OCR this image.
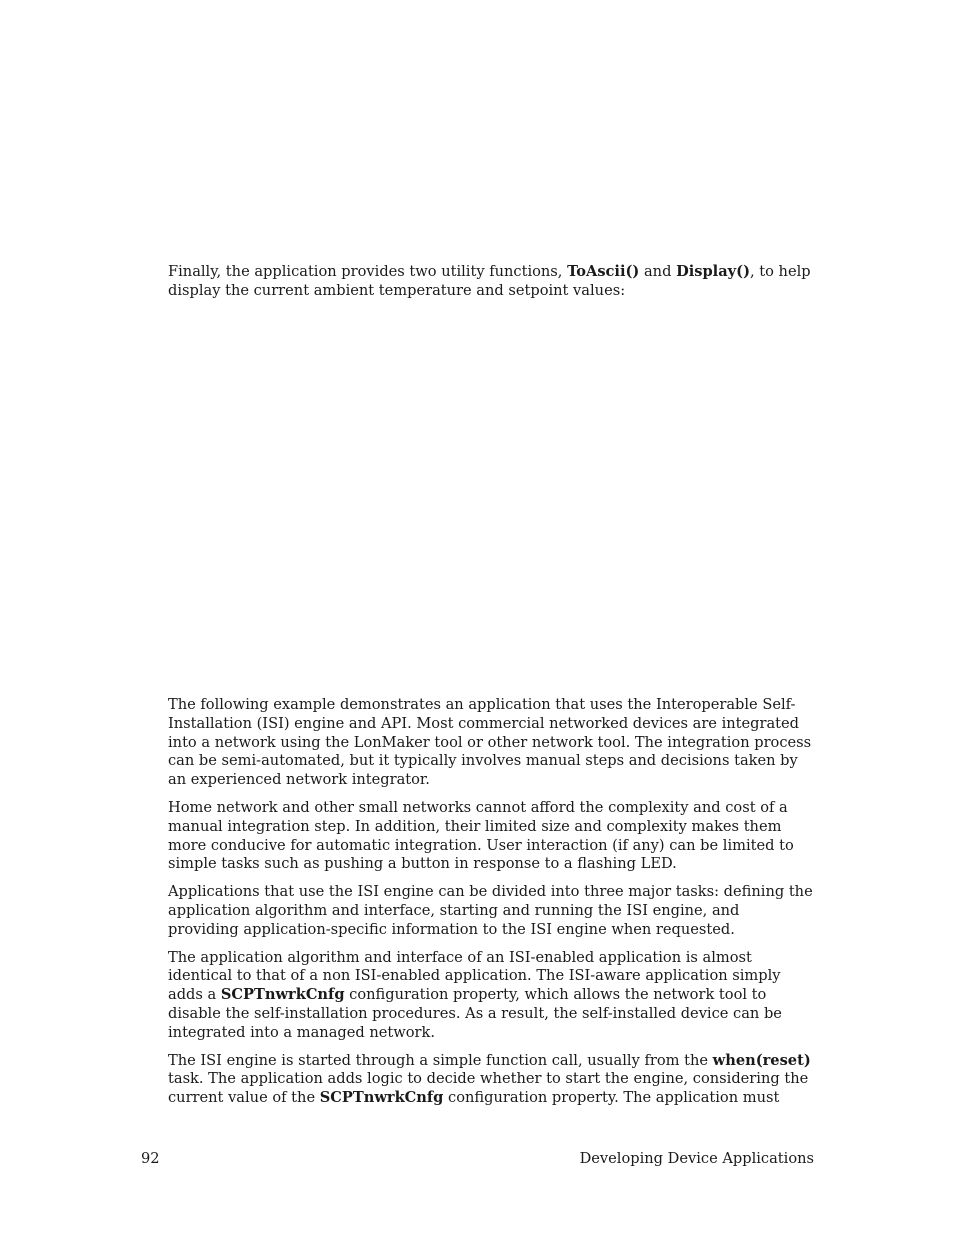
Finally, the application provides two utility functions, ToAscii() and Display(), to help display the current ambient temperature and setpoint values:

The following example demonstrates an application that uses the Interoperable Self-Installation (ISI) engine and API. Most commercial networked devices are integrated into a network using the LonMaker tool or other network tool. The integration process can be semi-automated, but it typically involves manual steps and decisions taken by an experienced network integrator.

Home network and other small networks cannot afford the complexity and cost of a manual integration step. In addition, their limited size and complexity makes them more conducive for automatic integration. User interaction (if any) can be limited to simple tasks such as pushing a button in response to a flashing LED.

Applications that use the ISI engine can be divided into three major tasks: defining the application algorithm and interface, starting and running the ISI engine, and providing application-specific information to the ISI engine when requested.

The application algorithm and interface of an ISI-enabled application is almost identical to that of a non ISI-enabled application. The ISI-aware application simply adds a SCPTnwrkCnfg configuration property, which allows the network tool to disable the self-installation procedures. As a result, the self-installed device can be integrated into a managed network.

The ISI engine is started through a simple function call, usually from the when(reset) task. The application adds logic to decide whether to start the engine, considering the current value of the SCPTnwrkCnfg configuration property. The application must

92	Developing Device Applications
